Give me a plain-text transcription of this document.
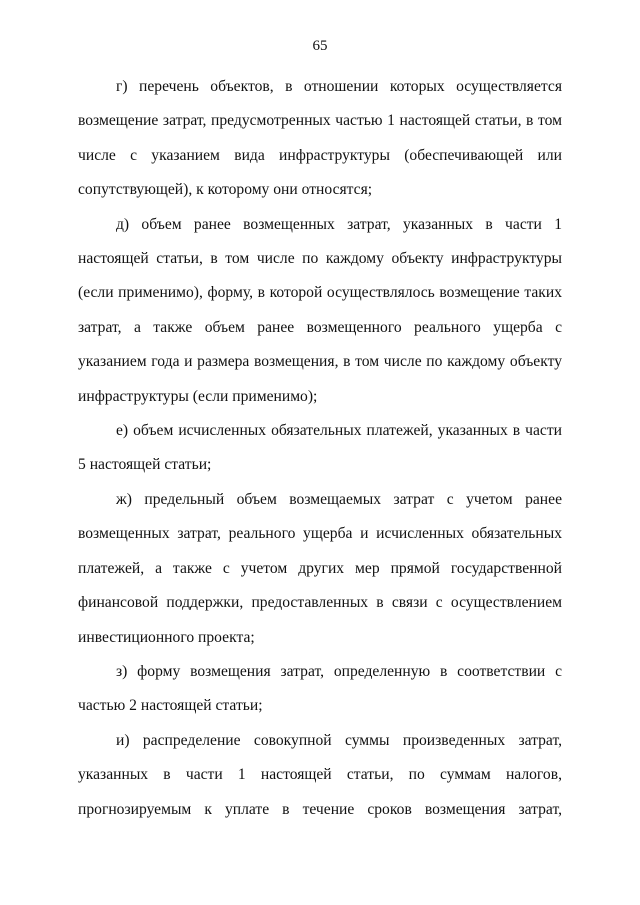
65

г) перечень объектов, в отношении которых осуществляется возмещение затрат, предусмотренных частью 1 настоящей статьи, в том числе с указанием вида инфраструктуры (обеспечивающей или сопутствующей), к которому они относятся;

д) объем ранее возмещенных затрат, указанных в части 1 настоящей статьи, в том числе по каждому объекту инфраструктуры (если применимо), форму, в которой осуществлялось возмещение таких затрат, а также объем ранее возмещенного реального ущерба с указанием года и размера возмещения, в том числе по каждому объекту инфраструктуры (если применимо);

е) объем исчисленных обязательных платежей, указанных в части 5 настоящей статьи;

ж) предельный объем возмещаемых затрат с учетом ранее возмещенных затрат, реального ущерба и исчисленных обязательных платежей, а также с учетом других мер прямой государственной финансовой поддержки, предоставленных в связи с осуществлением инвестиционного проекта;

з) форму возмещения затрат, определенную в соответствии с частью 2 настоящей статьи;

и) распределение совокупной суммы произведенных затрат, указанных в части 1 настоящей статьи, по суммам налогов, прогнозируемым к уплате в течение сроков возмещения затрат,
